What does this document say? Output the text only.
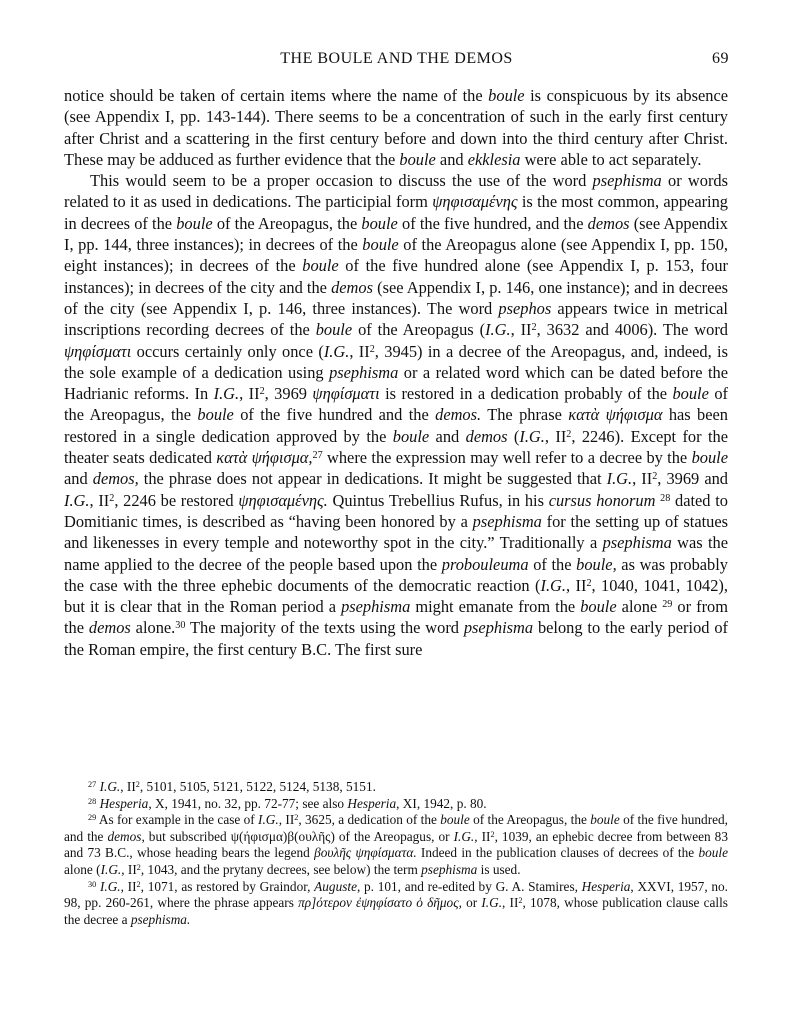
THE BOULE AND THE DEMOS	69

notice should be taken of certain items where the name of the boule is conspicuous by its absence (see Appendix I, pp. 143-144). There seems to be a concentration of such in the early first century after Christ and a scattering in the first century before and down into the third century after Christ. These may be adduced as further evidence that the boule and ekklesia were able to act separately.

This would seem to be a proper occasion to discuss the use of the word psephisma or words related to it as used in dedications. The participial form ψηφισαμένης is the most common, appearing in decrees of the boule of the Areopagus, the boule of the five hundred, and the demos (see Appendix I, pp. 144, three instances); in decrees of the boule of the Areopagus alone (see Appendix I, pp. 150, eight instances); in decrees of the boule of the five hundred alone (see Appendix I, p. 153, four instances); in decrees of the city and the demos (see Appendix I, p. 146, one instance); and in decrees of the city (see Appendix I, p. 146, three instances). The word psephos appears twice in metrical inscriptions recording decrees of the boule of the Areopagus (I.G., $II^2$, 3632 and 4006). The word ψηφίσματι occurs certainly only once (I.G., $II^2$, 3945) in a decree of the Areopagus, and, indeed, is the sole example of a dedication using psephisma or a related word which can be dated before the Hadrianic reforms. In I.G., $II^2$, 3969 ψηφίσματι is restored in a dedication probably of the boule of the Areopagus, the boule of the five hundred and the demos. The phrase κατὰ ψήφισμα has been restored in a single dedication approved by the boule and demos (I.G., $II^2$, 2246). Except for the theater seats dedicated κατὰ ψήφισμα,$^{27}$ where the expression may well refer to a decree by the boule and demos, the phrase does not appear in dedications. It might be suggested that I.G., $II^2$, 3969 and I.G., $II^2$, 2246 be restored ψηφισαμένης. Quintus Trebellius Rufus, in his cursus honorum $^{28}$ dated to Domitianic times, is described as “having been honored by a psephisma for the setting up of statues and likenesses in every temple and noteworthy spot in the city.” Traditionally a psephisma was the name applied to the decree of the people based upon the probouleuma of the boule, as was probably the case with the three ephebic documents of the democratic reaction (I.G., $II^2$, 1040, 1041, 1042), but it is clear that in the Roman period a psephisma might emanate from the boule alone $^{29}$ or from the demos alone.$^{30}$ The majority of the texts using the word psephisma belong to the early period of the Roman empire, the first century B.C. The first sure

$^{27}$ I.G., $II^2$, 5101, 5105, 5121, 5122, 5124, 5138, 5151.

$^{28}$ Hesperia, X, 1941, no. 32, pp. 72-77; see also Hesperia, XI, 1942, p. 80.

$^{29}$ As for example in the case of I.G., $II^2$, 3625, a dedication of the boule of the Areopagus, the boule of the five hundred, and the demos, but subscribed ψ(ήφισμα)β(ουλῆς) of the Areopagus, or I.G., $II^2$, 1039, an ephebic decree from between 83 and 73 B.C., whose heading bears the legend βουλῆς ψηφίσματα. Indeed in the publication clauses of decrees of the boule alone (I.G., $II^2$, 1043, and the prytany decrees, see below) the term psephisma is used.

$^{30}$ I.G., $II^2$, 1071, as restored by Graindor, Auguste, p. 101, and re-edited by G. A. Stamires, Hesperia, XXVI, 1957, no. 98, pp. 260-261, where the phrase appears πρ]ότερον ἐψηφίσατο ὁ δῆμος, or I.G., $II^2$, 1078, whose publication clause calls the decree a psephisma.
